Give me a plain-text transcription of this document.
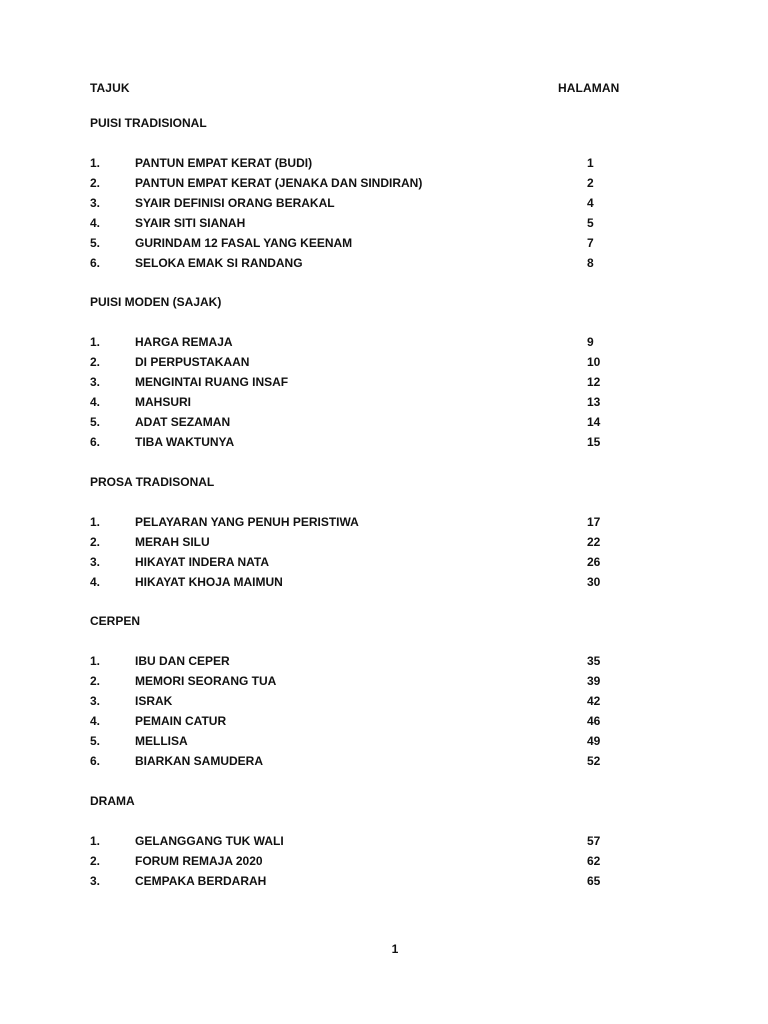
TAJUK	HALAMAN
PUISI TRADISIONAL
1.	PANTUN EMPAT KERAT (BUDI)	1
2.	PANTUN EMPAT KERAT (JENAKA DAN SINDIRAN)	2
3.	SYAIR DEFINISI ORANG BERAKAL	4
4.	SYAIR SITI SIANAH	5
5.	GURINDAM 12 FASAL YANG KEENAM	7
6.	SELOKA EMAK SI RANDANG	8
PUISI MODEN (SAJAK)
1.	HARGA REMAJA	9
2.	DI PERPUSTAKAAN	10
3.	MENGINTAI RUANG INSAF	12
4.	MAHSURI	13
5.	ADAT SEZAMAN	14
6.	TIBA WAKTUNYA	15
PROSA TRADISONAL
1.	PELAYARAN YANG PENUH PERISTIWA	17
2.	MERAH SILU	22
3.	HIKAYAT INDERA NATA	26
4.	HIKAYAT KHOJA MAIMUN	30
CERPEN
1.	IBU DAN CEPER	35
2.	MEMORI SEORANG TUA	39
3.	ISRAK	42
4.	PEMAIN CATUR	46
5.	MELLISA	49
6.	BIARKAN SAMUDERA	52
DRAMA
1.	GELANGGANG TUK WALI	57
2.	FORUM REMAJA 2020	62
3.	CEMPAKA BERDARAH	65
1
